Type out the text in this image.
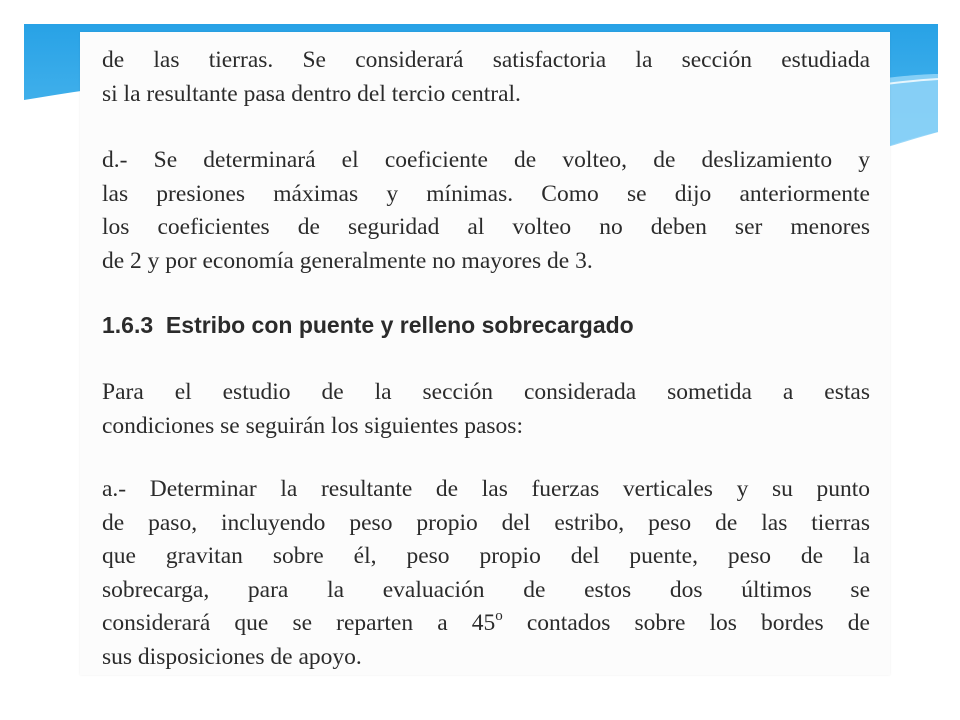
de las tierras. Se considerará satisfactoria la sección estudiada
si la resultante pasa dentro del tercio central.
d.- Se determinará el coeficiente de volteo, de deslizamiento y
las presiones máximas y mínimas. Como se dijo anteriormente
los coeficientes de seguridad al volteo no deben ser menores
de 2 y por economía generalmente no mayores de 3.
1.6.3  Estribo con puente y relleno sobrecargado
Para el estudio de la sección considerada sometida a estas
condiciones se seguirán los siguientes pasos:
a.- Determinar la resultante de las fuerzas verticales y su punto
de paso, incluyendo peso propio del estribo, peso de las tierras
que gravitan sobre él, peso propio del puente, peso de la
sobrecarga, para la evaluación de estos dos últimos se
considerará que se reparten a 45$^o$ contados sobre los bordes de
sus disposiciones de apoyo.
